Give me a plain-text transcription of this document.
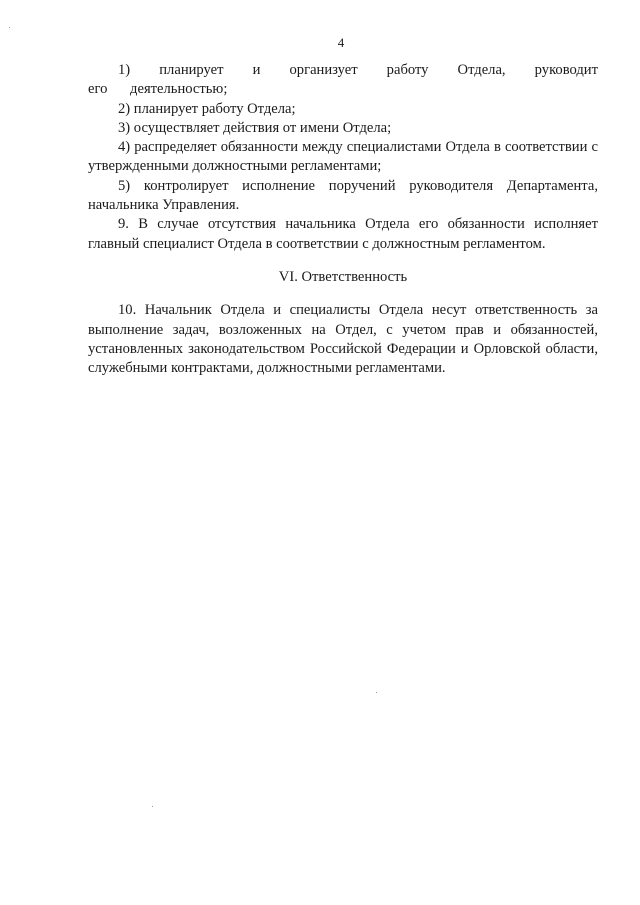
4

1) планирует и организует работу Отдела, руководит его деятельностью;

2) планирует работу Отдела;

3) осуществляет действия от имени Отдела;

4) распределяет обязанности между специалистами Отдела в соответствии с утвержденными должностными регламентами;

5) контролирует исполнение поручений руководителя Департамента, начальника Управления.

9. В случае отсутствия начальника Отдела его обязанности исполняет главный специалист Отдела в соответствии с должностным регламентом.

VI. Ответственность

10. Начальник Отдела и специалисты Отдела несут ответственность за выполнение задач, возложенных на Отдел, с учетом прав и обязанностей, установленных законодательством Российской Федерации и Орловской области, служебными контрактами, должностными регламентами.
